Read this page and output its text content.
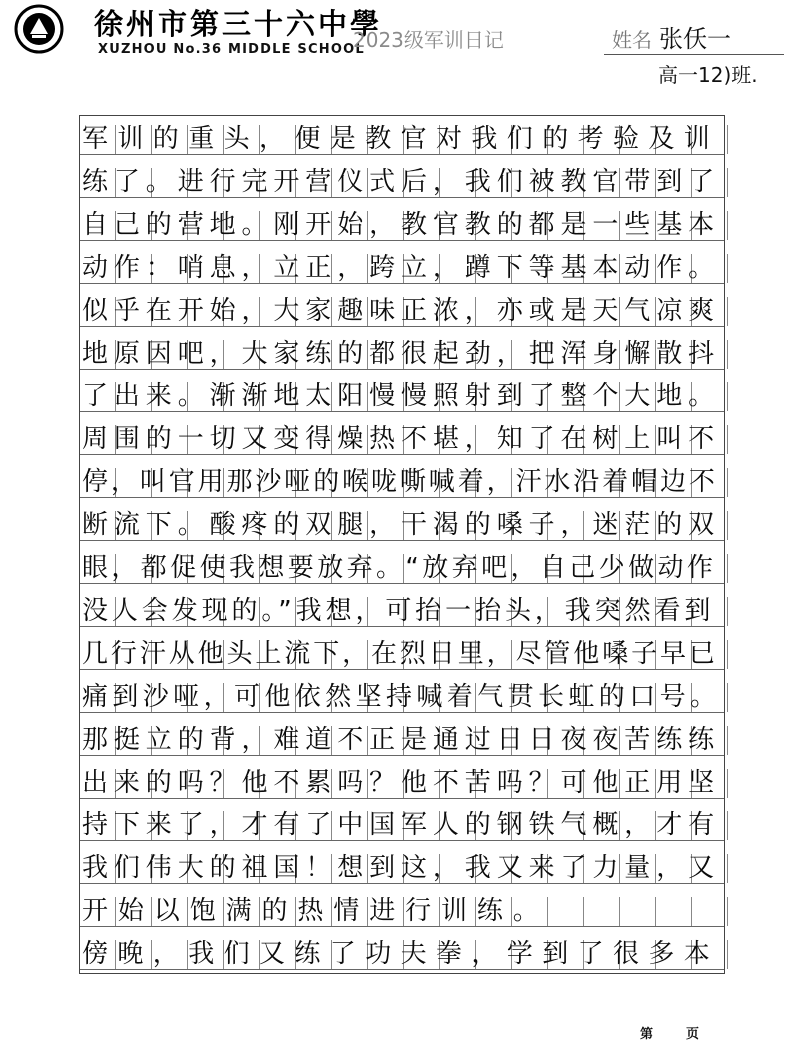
徐州市第三十六中學
XUZHOU No.36 MIDDLE SCHOOL
2023级军训日记	姓名 张仸一
高一12)班.
军训的重头，便是教官对我们的考验及训
练了。进行完开营仪式后，我们被教官带到了
自己的营地。刚开始，教官教的都是一些基本
动作：哨息，立正，跨立，蹲下等基本动作。
似乎在开始，大家趣味正浓，亦或是天气凉爽
地原因吧，大家练的都很起劲，把浑身懈散抖
了出来。渐渐地太阳慢慢照射到了整个大地。
周围的一切又变得燥热不堪，知了在树上叫不
停，叫官用那沙哑的喉咙嘶喊着，汗水沿着帽边不
断流下。酸疼的双腿，干渴的嗓子，迷茫的双
眼，都促使我想要放弃。“放弃吧，自己少做动作
没人会发现的。”我想，可抬一抬头，我突然看到
几行汗从他头上流下，在烈日里，尽管他嗓子早已
痛到沙哑，可他依然坚持喊着气贯长虹的口号。
那挺立的背，难道不正是通过日日夜夜苦练练
出来的吗？他不累吗？他不苦吗？可他正用坚
持下来了，才有了中国军人的钢铁气概，才有
我们伟大的祖国！想到这，我又来了力量，又
开始以饱满的热情进行训练。
傍晚，我们又练了功夫拳，学到了很多本
第	页
